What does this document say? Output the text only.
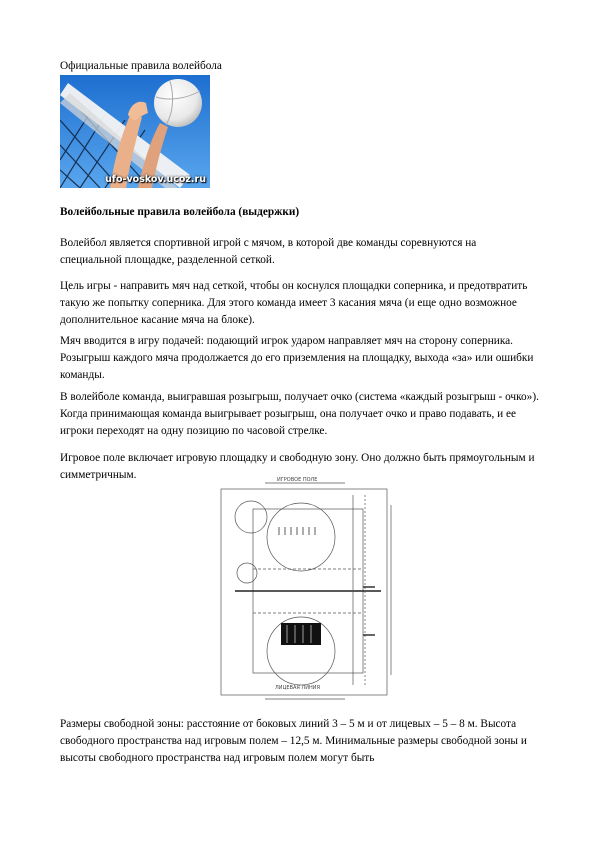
Официальные правила волейбола

ufo-voskov.ucoz.ru

Волейбольные правила волейбола (выдержки)

Волейбол является спортивной игрой с мячом, в которой две команды соревнуются на специальной площадке, разделенной сеткой.

Цель игры - направить мяч над сеткой, чтобы он коснулся площадки соперника, и предотвратить такую же попытку соперника. Для этого команда имеет 3 касания мяча (и еще одно возможное дополнительное касание мяча на блоке).

Мяч вводится в игру подачей: подающий игрок ударом направляет мяч на сторону соперника. Розыгрыш каждого мяча продолжается до его приземления на площадку, выхода «за» или ошибки команды.

В волейболе команда, выигравшая розыгрыш, получает очко (система «каждый розыгрыш - очко»). Когда принимающая команда выигрывает розыгрыш, она получает очко и право подавать, и ее игроки переходят на одну позицию по часовой стрелке.

Игровое поле включает игровую площадку и свободную зону. Оно должно быть прямоугольным и симметричным.	ИГРОВОЕ ПОЛЕ
ЛИЦЕВАЯ ЛИНИЯ

Размеры свободной зоны: расстояние от боковых линий 3 – 5 м и от лицевых – 5 – 8 м. Высота свободного пространства над игровым полем – 12,5 м. Минимальные размеры свободной зоны и высоты свободного пространства над игровым полем могут быть
